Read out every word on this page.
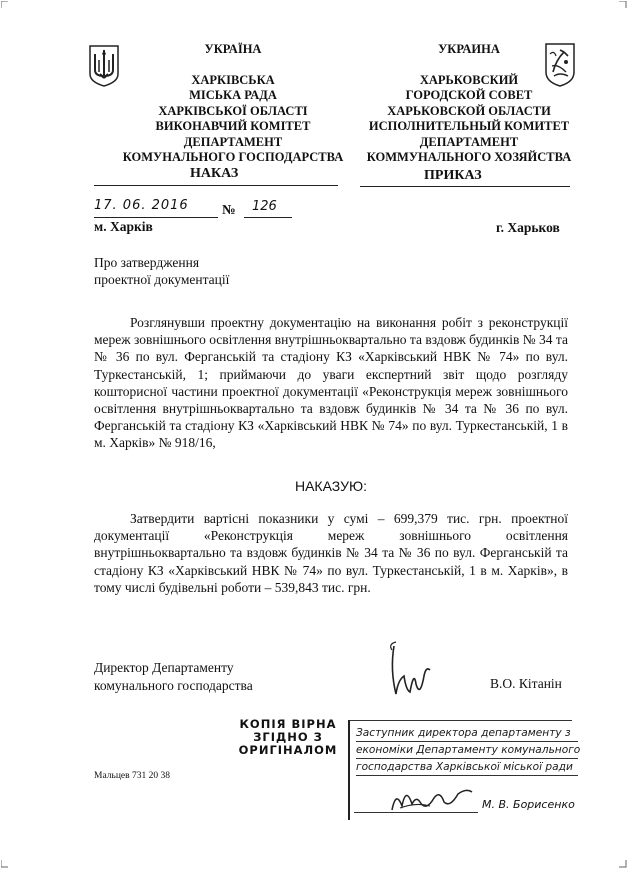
УКРАЇНА
ХАРКІВСЬКА
МІСЬКА РАДА
ХАРКІВСЬКОЇ ОБЛАСТІ
ВИКОНАВЧИЙ КОМІТЕТ
ДЕПАРТАМЕНТ
КОМУНАЛЬНОГО ГОСПОДАРСТВА
УКРАИНА
ХАРЬКОВСКИЙ
ГОРОДСКОЙ СОВЕТ
ХАРЬКОВСКОЙ ОБЛАСТИ
ИСПОЛНИТЕЛЬНЫЙ КОМИТЕТ
ДЕПАРТАМЕНТ
КОММУНАЛЬНОГО ХОЗЯЙСТВА
НАКАЗ	ПРИКАЗ
17. 06. 2016 № 126
м. Харків	г. Харьков
Про затвердження
проектної документації
Розглянувши проектну документацію на виконання робіт з реконструкції мереж зовнішнього освітлення внутрішньоквартально та вздовж будинків № 34 та № 36 по вул. Ферганській та стадіону КЗ «Харківський НВК № 74» по вул. Туркестанській, 1; приймаючи до уваги експертний звіт щодо розгляду кошторисної частини проектної документації «Реконструкція мереж зовнішнього освітлення внутрішньоквартально та вздовж будинків № 34 та № 36 по вул. Ферганській та стадіону КЗ «Харківський НВК № 74» по вул. Туркестанській, 1 в м. Харків» № 918/16,
НАКАЗУЮ:
Затвердити вартісні показники у сумі – 699,379 тис. грн. проектної документації «Реконструкція мереж зовнішнього освітлення внутрішньоквартально та вздовж будинків № 34 та № 36 по вул. Ферганській та стадіону КЗ «Харківський НВК № 74» по вул. Туркестанській, 1 в м. Харків», в тому числі будівельні роботи – 539,843 тис. грн.
Директор Департаменту
комунального господарства	В.О. Кітанін
КОПІЯ ВІРНА
ЗГІДНО З
ОРИГІНАЛОМ
Заступник директора департаменту з
економіки Департаменту комунального
господарства Харківської міської ради
М. В. Борисенко
Мальцев 731 20 38
